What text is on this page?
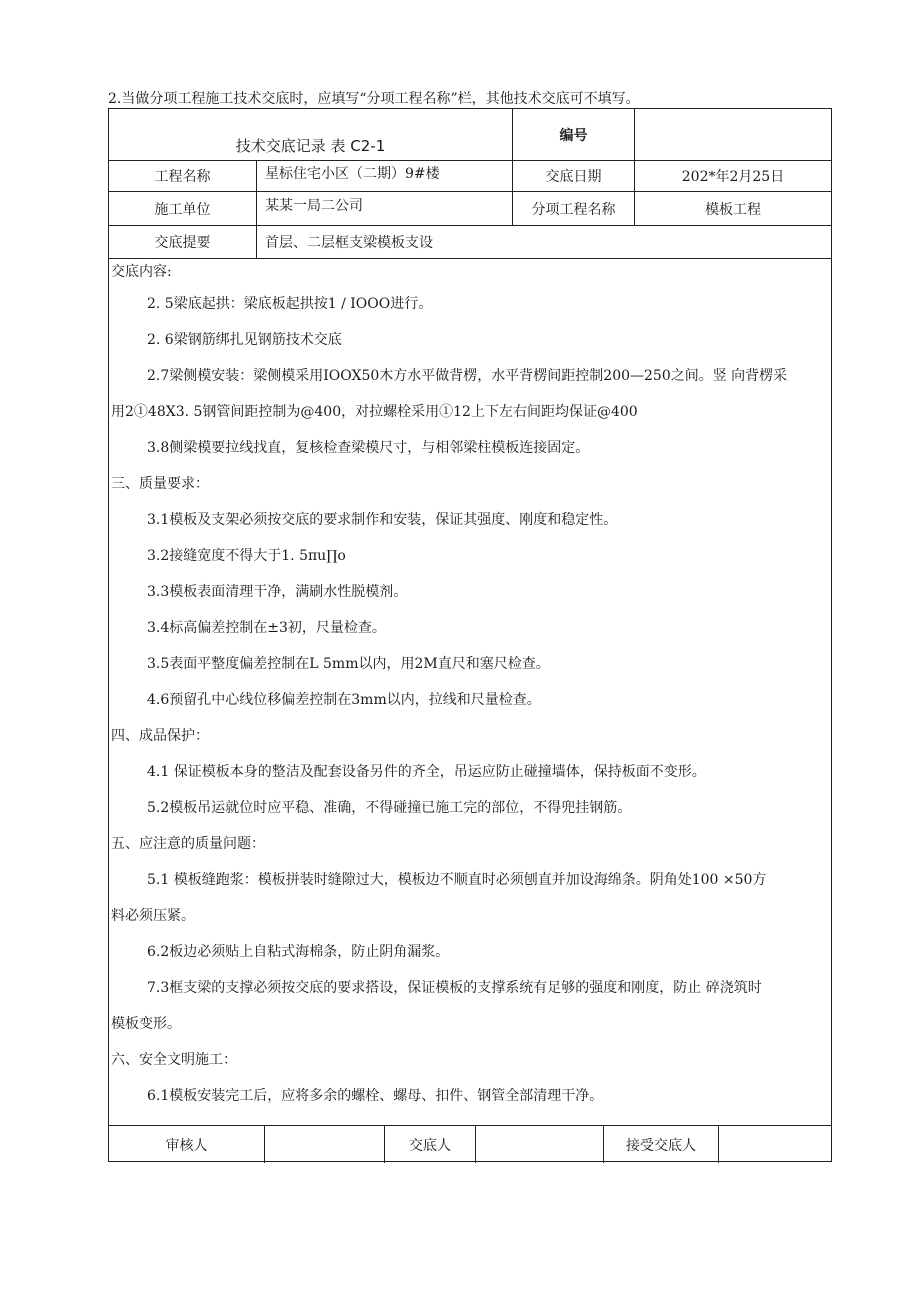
2.当做分项工程施工技术交底时，应填写“分项工程名称”栏，其他技术交底可不填写。
技术交底记录 表 C2-1
编号
工程名称	星标住宅小区（二期）9#楼	交底日期	202*年2月25日
施工单位	某某一局二公司	分项工程名称	模板工程
交底提要	首层、二层框支梁模板支设
交底内容:
2. 5梁底起拱：梁底板起拱按1 / IOOO进行。
2. 6梁钢筋绑扎见钢筋技术交底
2.7梁侧模安装：梁侧模采用IOOX50木方水平做背楞，水平背楞间距控制200—250之间。竖 向背楞采
用2①48X3. 5钢管间距控制为@400，对拉螺栓采用①12上下左右间距均保证@400
3.8侧梁模要拉线找直，复核检查梁模尺寸，与相邻梁柱模板连接固定。
三、质量要求：
3.1模板及支架必须按交底的要求制作和安装，保证其强度、刚度和稳定性。
3.2接缝宽度不得大于1. 5πu∏o
3.3模板表面清理干净，满刷水性脱模剂。
3.4标高偏差控制在±3初，尺量检查。
3.5表面平整度偏差控制在L 5mm以内，用2M直尺和塞尺检查。
4.6预留孔中心线位移偏差控制在3mm以内，拉线和尺量检查。
四、成品保护：
4.1 保证模板本身的整洁及配套设备另件的齐全，吊运应防止碰撞墙体，保持板面不变形。
5.2模板吊运就位时应平稳、准确，不得碰撞已施工完的部位，不得兜挂钢筋。
五、应注意的质量问题：
5.1 模板缝跑浆：模板拼装时缝隙过大，模板边不顺直时必须刨直并加设海绵条。阴角处100 ×50方
料必须压紧。
6.2板边必须贴上自粘式海棉条，防止阴角漏浆。
7.3框支梁的支撑必须按交底的要求搭设，保证模板的支撑系统有足够的强度和刚度，防止 碎浇筑时
模板变形。
六、安全文明施工：
6.1模板安装完工后，应将多余的螺栓、螺母、扣件、钢管全部清理干净。
审核人	交底人	接受交底人
